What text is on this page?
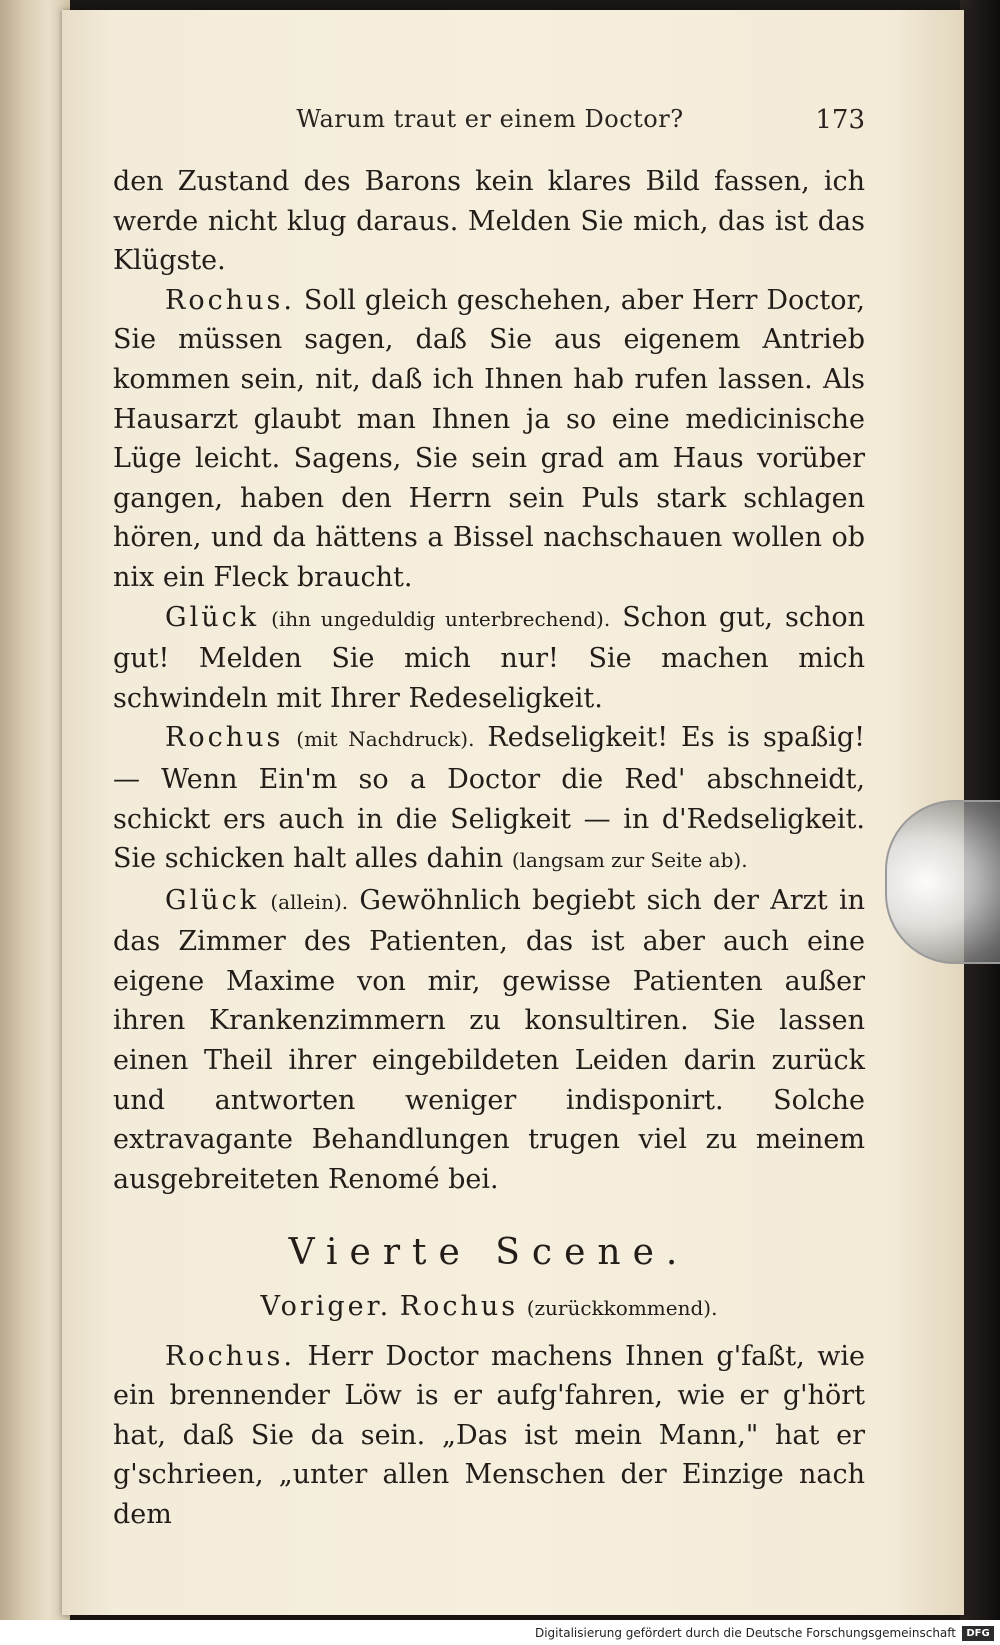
Warum traut er einem Doctor?	173

den Zustand des Barons kein klares Bild fassen, ich werde nicht klug daraus. Melden Sie mich, das ist das Klügste.

Rochus. Soll gleich geschehen, aber Herr Doctor, Sie müssen sagen, daß Sie aus eigenem Antrieb kommen sein, nit, daß ich Ihnen hab rufen lassen. Als Hausarzt glaubt man Ihnen ja so eine medicinische Lüge leicht. Sagens, Sie sein grad am Haus vorüber gangen, haben den Herrn sein Puls stark schlagen hören, und da hättens a Bissel nachschauen wollen ob nix ein Fleck braucht.

Glück (ihn ungeduldig unterbrechend). Schon gut, schon gut! Melden Sie mich nur! Sie machen mich schwindeln mit Ihrer Redeseligkeit.

Rochus (mit Nachdruck). Redseligkeit! Es is spaßig! — Wenn Ein'm so a Doctor die Red' abschneidt, schickt ers auch in die Seligkeit — in d'Redseligkeit. Sie schicken halt alles dahin (langsam zur Seite ab).

Glück (allein). Gewöhnlich begiebt sich der Arzt in das Zimmer des Patienten, das ist aber auch eine eigene Maxime von mir, gewisse Patienten außer ihren Krankenzimmern zu konsultiren. Sie lassen einen Theil ihrer eingebildeten Leiden darin zurück und antworten weniger indisponirt. Solche extravagante Behandlungen trugen viel zu meinem ausgebreiteten Renomé bei.

Vierte Scene.

Voriger. Rochus (zurückkommend).

Rochus. Herr Doctor machens Ihnen g'faßt, wie ein brennender Löw is er aufg'fahren, wie er g'hört hat, daß Sie da sein. „Das ist mein Mann," hat er g'schrieen, „unter allen Menschen der Einzige nach dem

Digitalisierung gefördert durch die Deutsche Forschungsgemeinschaft	DFG
